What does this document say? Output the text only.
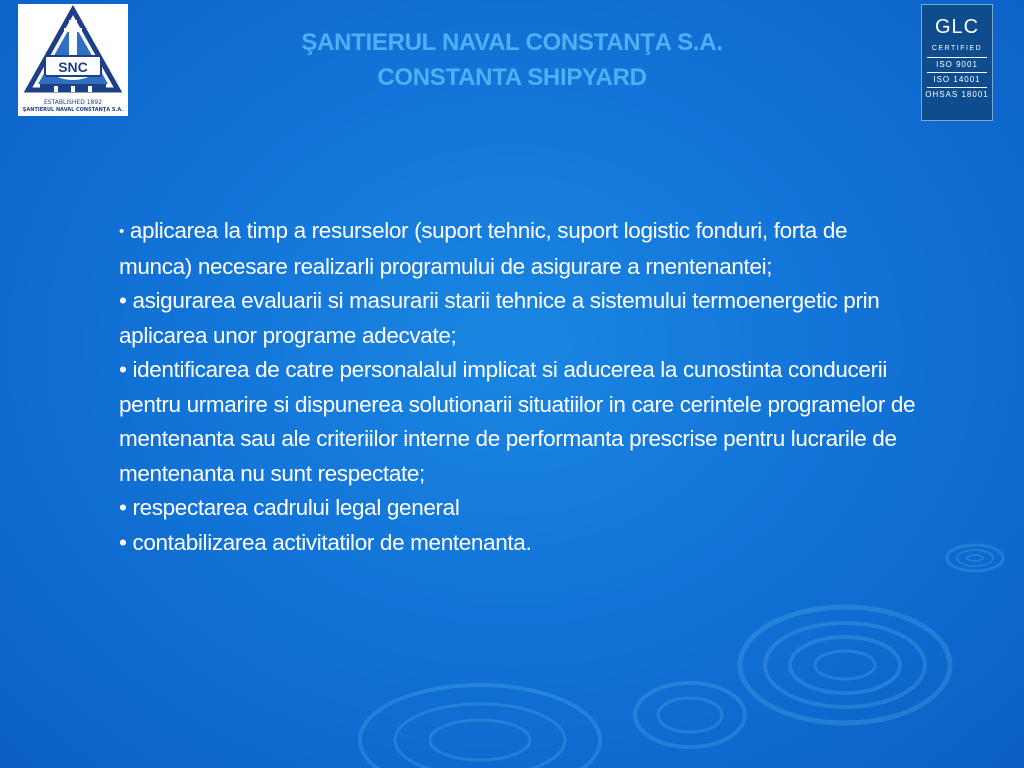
SNC
ESTABLISHED 1892
ŞANTIERUL NAVAL CONSTANŢA S.A.
ŞANTIERUL NAVAL CONSTANŢA S.A.
CONSTANTA SHIPYARD
GLC
CERTIFIED
ISO 9001
ISO 14001
OHSAS 18001

• aplicarea la timp a resurselor (suport tehnic, suport logistic fonduri, forta de munca) necesare realizarli programului de asigurare a rnentenantei;

• asigurarea evaluarii si masurarii starii tehnice a sistemului termoenergetic prin aplicarea unor programe adecvate;

• identificarea de catre personalalul implicat si aducerea la cunostinta conducerii pentru urmarire si dispunerea solutionarii situatiilor in care cerintele programelor de mentenanta sau ale criteriilor interne de performanta prescrise pentru lucrarile de mentenanta nu sunt respectate;

• respectarea cadrului legal general

• contabilizarea activitatilor de mentenanta.
